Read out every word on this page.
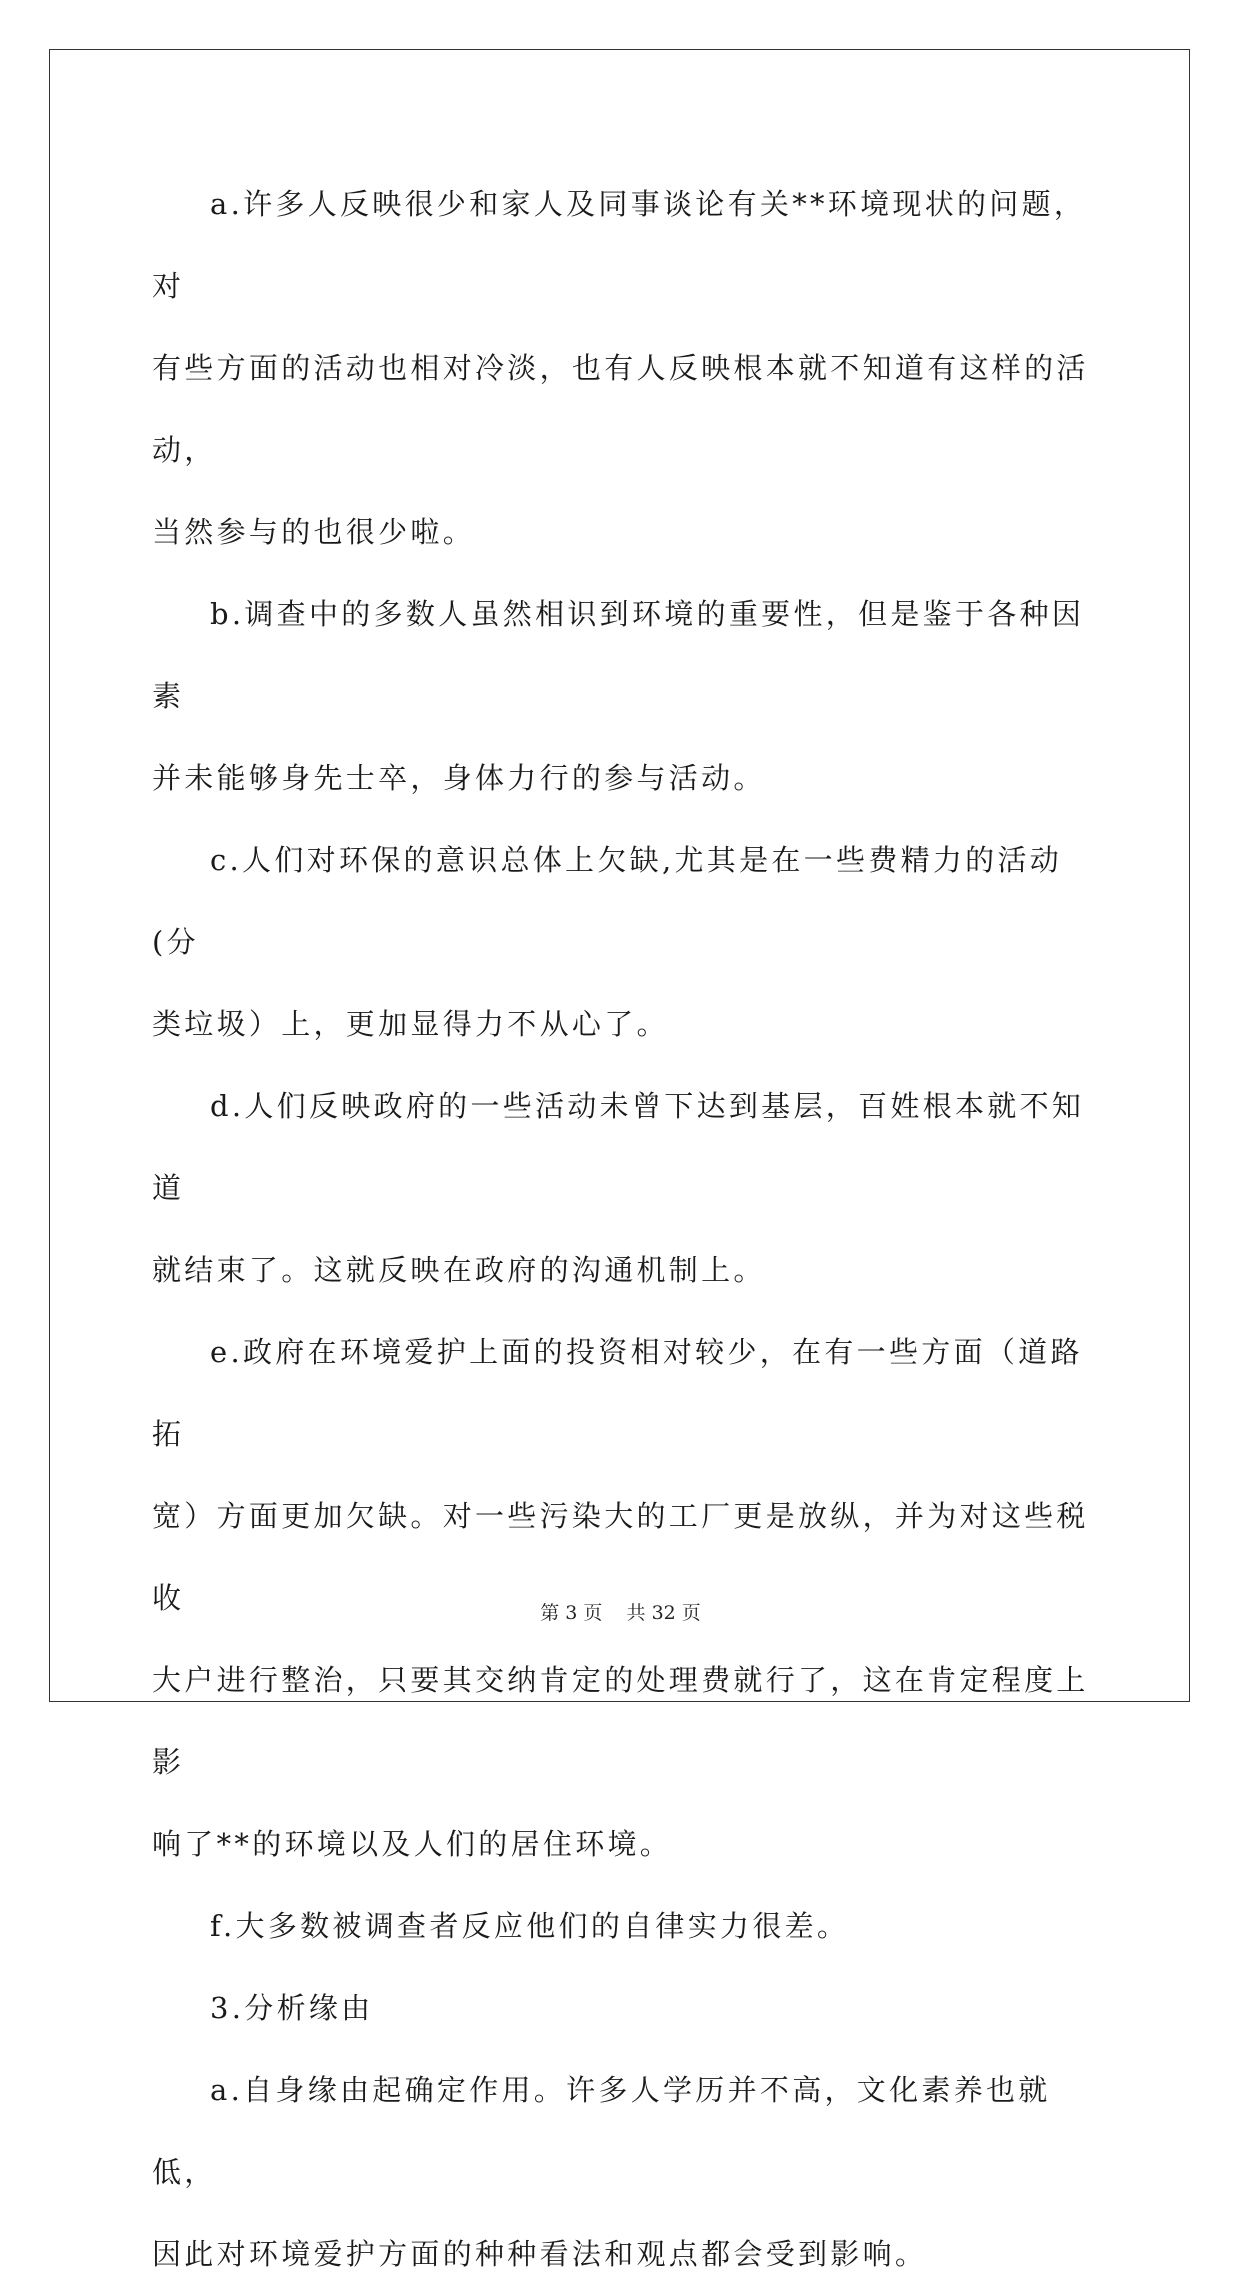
a.许多人反映很少和家人及同事谈论有关**环境现状的问题，对
有些方面的活动也相对冷淡，也有人反映根本就不知道有这样的活动，
当然参与的也很少啦。
b.调查中的多数人虽然相识到环境的重要性，但是鉴于各种因素
并未能够身先士卒，身体力行的参与活动。
c.人们对环保的意识总体上欠缺,尤其是在一些费精力的活动(分
类垃圾）上，更加显得力不从心了。
d.人们反映政府的一些活动未曾下达到基层，百姓根本就不知道
就结束了。这就反映在政府的沟通机制上。
e.政府在环境爱护上面的投资相对较少，在有一些方面（道路拓
宽）方面更加欠缺。对一些污染大的工厂更是放纵，并为对这些税收
大户进行整治，只要其交纳肯定的处理费就行了，这在肯定程度上影
响了**的环境以及人们的居住环境。
f.大多数被调查者反应他们的自律实力很差。
3.分析缘由
a.自身缘由起确定作用。许多人学历并不高，文化素养也就低，
因此对环境爱护方面的种种看法和观点都会受到影响。
第 3 页 共 32 页
